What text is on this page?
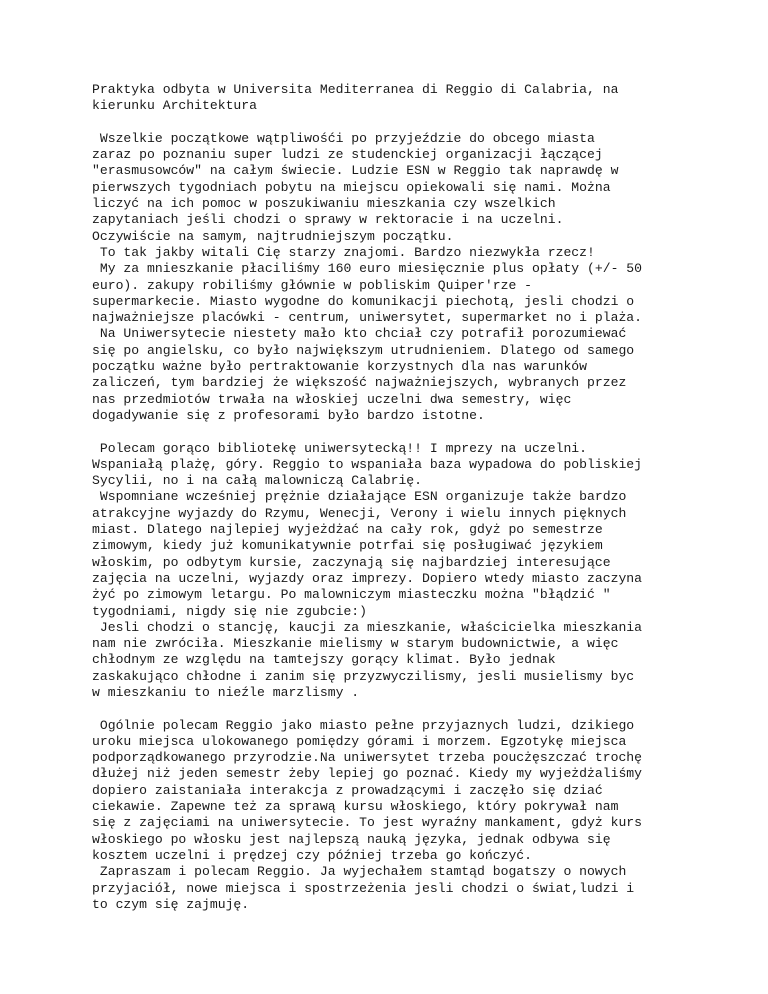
Praktyka odbyta w Universita Mediterranea di Reggio di Calabria, na
kierunku Architektura
Wszelkie początkowe wątpliwośći po przyjeździe do obcego miasta
zaraz po poznaniu super ludzi ze studenckiej organizacji łączącej
"erasmusowców" na całym świecie. Ludzie ESN w Reggio tak naprawdę w
pierwszych tygodniach pobytu na miejscu opiekowali się nami. Można
liczyć na ich pomoc w poszukiwaniu mieszkania czy wszelkich
zapytaniach jeśli chodzi o sprawy w rektoracie i na uczelni.
Oczywiście na samym, najtrudniejszym początku.
To tak jakby witali Cię starzy znajomi. Bardzo niezwykła rzecz!
My za mnieszkanie płaciliśmy 160 euro miesięcznie plus opłaty (+/- 50
euro). zakupy robiliśmy głównie w pobliskim Quiper'rze -
supermarkecie. Miasto wygodne do komunikacji piechotą, jesli chodzi o
najważniejsze placówki - centrum, uniwersytet, supermarket no i plaża.
Na Uniwersytecie niestety mało kto chciał czy potrafił porozumiewać
się po angielsku, co było największym utrudnieniem. Dlatego od samego
początku ważne było pertraktowanie korzystnych dla nas warunków
zaliczeń, tym bardziej że większość najważniejszych, wybranych przez
nas przedmiotów trwała na włoskiej uczelni dwa semestry, więc
dogadywanie się z profesorami było bardzo istotne.
Polecam gorąco bibliotekę uniwersytecką!! I mprezy na uczelni.
Wspaniałą plażę, góry. Reggio to wspaniała baza wypadowa do pobliskiej
Sycylii, no i na całą malowniczą Calabrię.
Wspomniane wcześniej prężnie działające ESN organizuje także bardzo
atrakcyjne wyjazdy do Rzymu, Wenecji, Verony i wielu innych pięknych
miast. Dlatego najlepiej wyjeżdżać na cały rok, gdyż po semestrze
zimowym, kiedy już komunikatywnie potrfai się posługiwać językiem
włoskim, po odbytym kursie, zaczynają się najbardziej interesujące
zajęcia na uczelni, wyjazdy oraz imprezy. Dopiero wtedy miasto zaczyna
żyć po zimowym letargu. Po malowniczym miasteczku można "błądzić "
tygodniami, nigdy się nie zgubcie:)
Jesli chodzi o stancję, kaucji za mieszkanie, właścicielka mieszkania
nam nie zwróciła. Mieszkanie mielismy w starym budownictwie, a więc
chłodnym ze względu na tamtejszy gorący klimat. Było jednak
zaskakująco chłodne i zanim się przyzwyczilismy, jesli musielismy byc
w mieszkaniu to nieźle marzlismy .
Ogólnie polecam Reggio jako miasto pełne przyjaznych ludzi, dzikiego
uroku miejsca ulokowanego pomiędzy górami i morzem. Egzotykę miejsca
podporządkowanego przyrodzie.Na uniwersytet trzeba poucżęszczać trochę
dłużej niż jeden semestr żeby lepiej go poznać. Kiedy my wyjeżdżaliśmy
dopiero zaistaniała interakcja z prowadzącymi i zaczęło się dziać
ciekawie. Zapewne też za sprawą kursu włoskiego, który pokrywał nam
się z zajęciami na uniwersytecie. To jest wyraźny mankament, gdyż kurs
włoskiego po włosku jest najlepszą nauką języka, jednak odbywa się
kosztem uczelni i prędzej czy później trzeba go kończyć.
Zapraszam i polecam Reggio. Ja wyjechałem stamtąd bogatszy o nowych
przyjaciół, nowe miejsca i spostrzeżenia jesli chodzi o świat,ludzi i
to czym się zajmuję.
